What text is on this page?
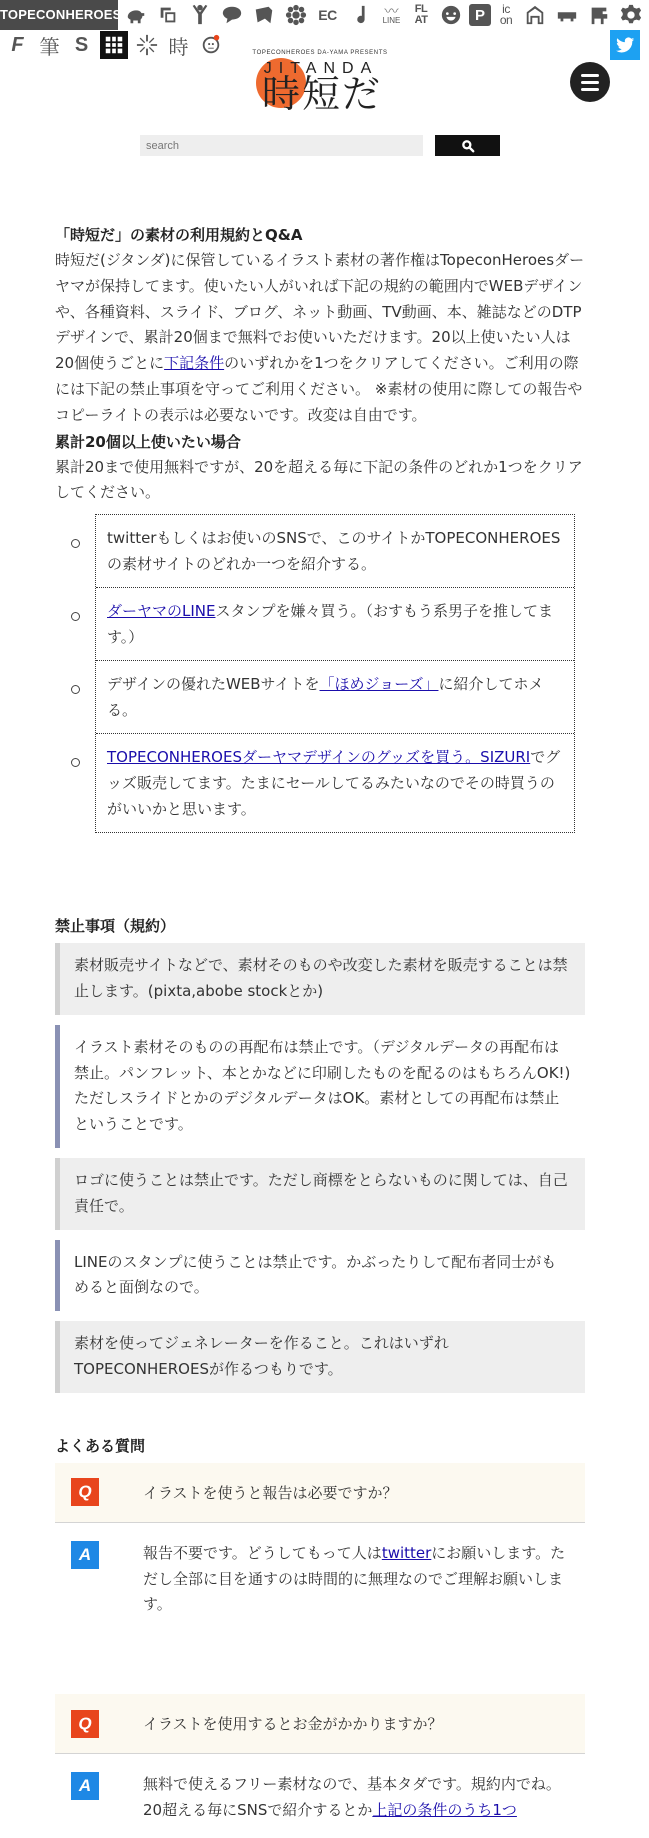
TOPECONHEROES	EC	〰
LINE
FL AT	P	ic on
F 筆 S	時	TOPECONHEROES DA-YAMA PRESENTS
JITANDA
時短だ
search
「時短だ」の素材の利用規約とQ&A

時短だ(ジタンダ)に保管しているイラスト素材の著作権はTopeconHeroesダーヤマが保持してます。使いたい人がいれば下記の規約の範囲内でWEBデザインや、各種資料、スライド、ブログ、ネット動画、TV動画、本、雑誌などのDTPデザインで、累計20個まで無料でお使いいただけます。20以上使いたい人は20個使うごとに下記条件のいずれかを1つをクリアしてください。ご利用の際には下記の禁止事項を守ってご利用ください。 ※素材の使用に際しての報告やコピーライトの表示は必要ないです。改変は自由です。

累計20個以上使いたい場合

累計20まで使用無料ですが、20を超える毎に下記の条件のどれか1つをクリアしてください。

twitterもしくはお使いのSNSで、このサイトかTOPECONHEROESの素材サイトのどれか一つを紹介する。
ダーヤマのLINEスタンプを嫌々買う。（おすもう系男子を推してます。）
デザインの優れたWEBサイトを「ほめジョーズ」に紹介してホメる。
TOPECONHEROESダーヤマデザインのグッズを買う。SIZURIでグッズ販売してます。たまにセールしてるみたいなのでその時買うのがいいかと思います。
禁止事項（規約）
素材販売サイトなどで、素材そのものや改変した素材を販売することは禁止します。(pixta,abobe stockとか)
イラスト素材そのものの再配布は禁止です。（デジタルデータの再配布は禁止。パンフレット、本とかなどに印刷したものを配るのはもちろんOK!) ただしスライドとかのデジタルデータはOK。素材としての再配布は禁止ということです。
ロゴに使うことは禁止です。ただし商標をとらないものに関しては、自己責任で。
LINEのスタンプに使うことは禁止です。かぶったりして配布者同士がもめると面倒なので。
素材を使ってジェネレーターを作ること。これはいずれTOPECONHEROESが作るつもりです。
よくある質問
Q	イラストを使うと報告は必要ですか？
A	報告不要です。どうしてもって人はtwitterにお願いします。ただし全部に目を通すのは時間的に無理なのでご理解お願いします。
Q	イラストを使用するとお金がかかりますか？
A	無料で使えるフリー素材なので、基本タダです。規約内でね。20超える毎にSNSで紹介するとか上記の条件のうち1つ
